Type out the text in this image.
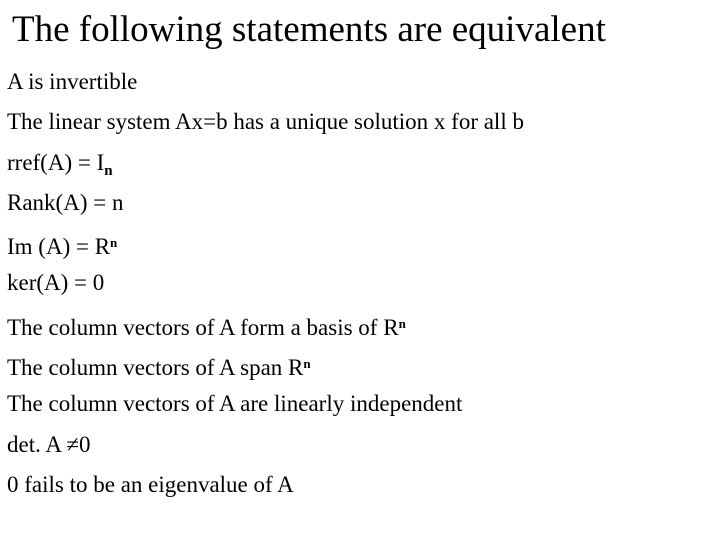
The following statements are equivalent
A is invertible
The linear system Ax=b has a unique solution x for all b
rref(A) = $I_n$
Rank(A) = n
Im $(A) = R^n$
ker(A) = 0
The column vectors of A form a basis of $R^n$
The column vectors of A span $R^n$
The column vectors of A are linearly independent
det. A ≠0
0 fails to be an eigenvalue of A
